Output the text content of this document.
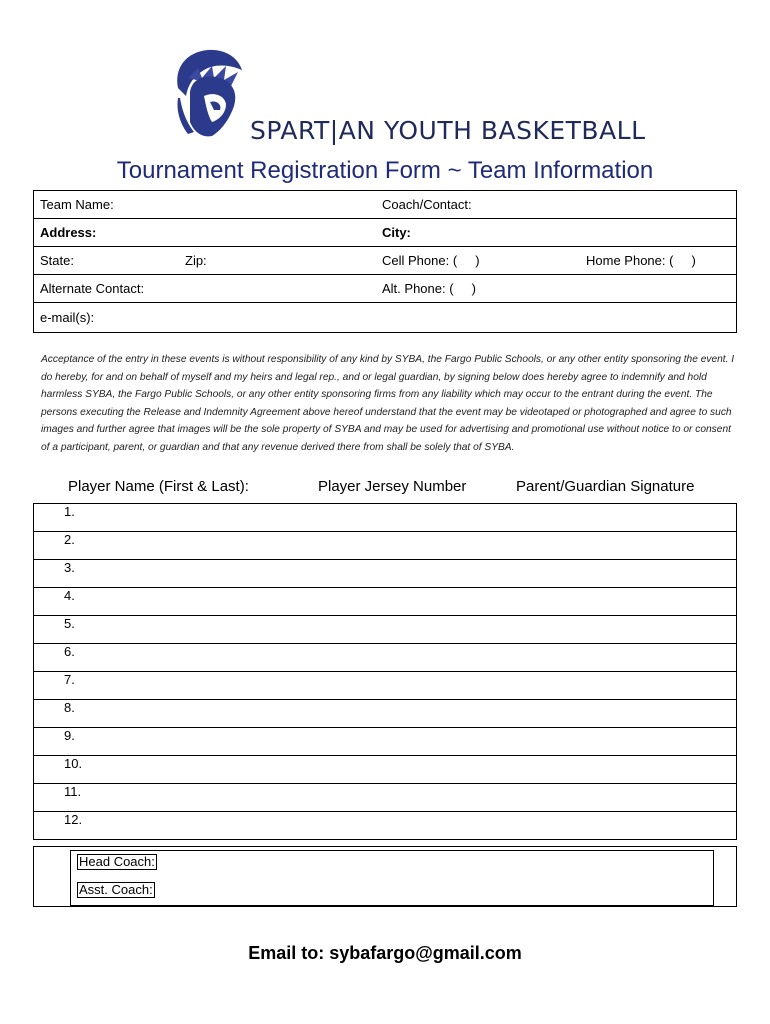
SPART|AN YOUTH BASKETBALL
Tournament Registration Form ~ Team Information
Team Name:	Coach/Contact:
Address:	City:

State: Zip:	Cell Phone: (     ) Home Phone: (     )

Alternate Contact:	Alt. Phone: (     )
e-mail(s):	
Acceptance of the entry in these events is without responsibility of any kind by SYBA, the Fargo Public Schools, or any other entity sponsoring the event. I do hereby, for and on behalf of myself and my heirs and legal rep., and or legal guardian, by signing below does hereby agree to indemnify and hold harmless SYBA, the Fargo Public Schools, or any other entity sponsoring firms from any liability which may occur to the entrant during the event. The persons executing the Release and Indemnity Agreement above hereof understand that the event may be videotaped or photographed and agree to such images and further agree that images will be the sole property of SYBA and may be used for advertising and promotional use without notice to or consent of a participant, parent, or guardian and that any revenue derived there from shall be solely that of SYBA.
Player Name (First & Last):	Player Jersey Number	Parent/Guardian Signature
1.
2.
3.
4.
5.
6.
7.
8.
9.
10.
11.
12.
Head Coach:
Asst. Coach:
Email to: sybafargo@gmail.com
